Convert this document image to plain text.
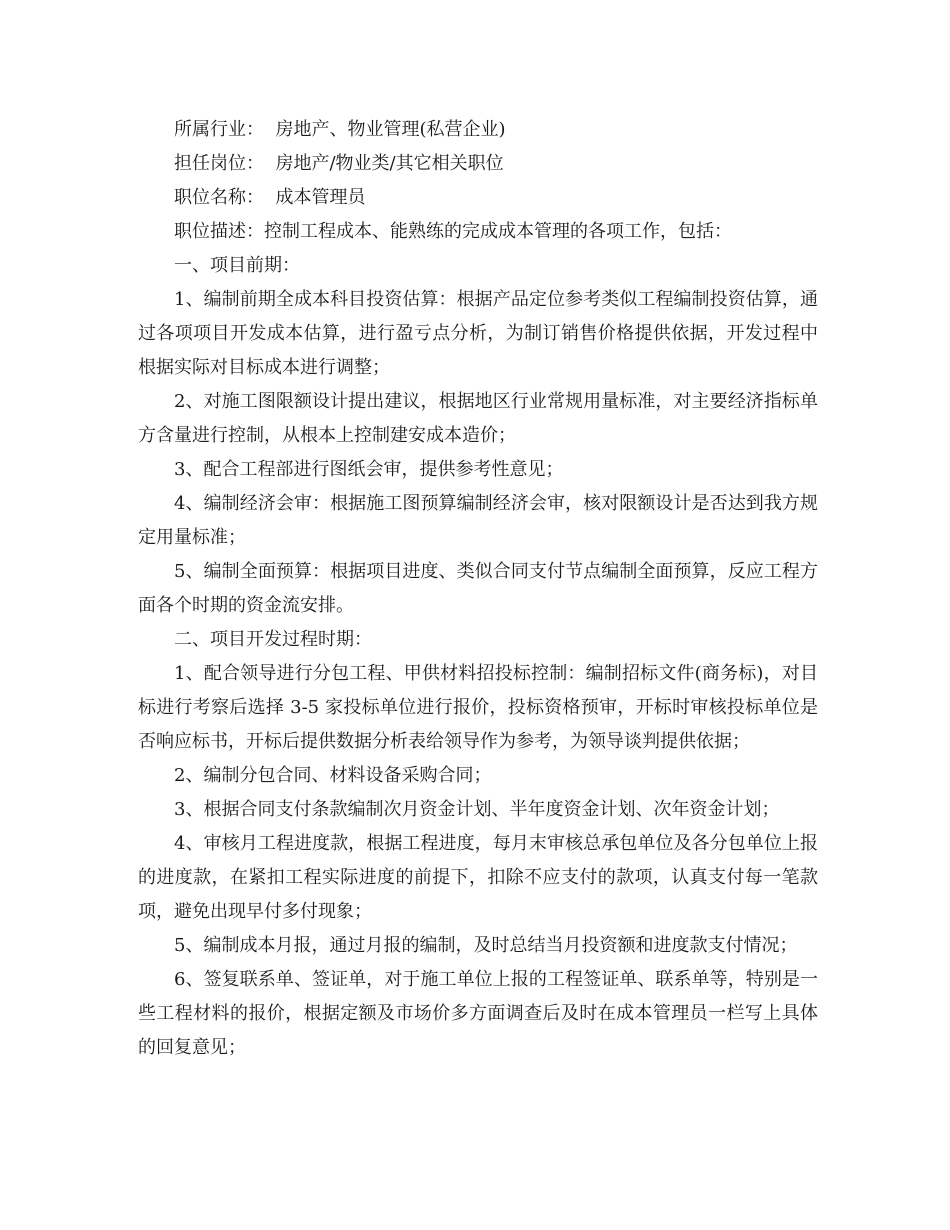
所属行业：  房地产、物业管理(私营企业)

担任岗位：  房地产/物业类/其它相关职位

职位名称：  成本管理员

职位描述：控制工程成本、能熟练的完成成本管理的各项工作，包括：

一、项目前期：

1、编制前期全成本科目投资估算：根据产品定位参考类似工程编制投资估算，通过各项项目开发成本估算，进行盈亏点分析，为制订销售价格提供依据，开发过程中根据实际对目标成本进行调整；

2、对施工图限额设计提出建议，根据地区行业常规用量标准，对主要经济指标单方含量进行控制，从根本上控制建安成本造价；

3、配合工程部进行图纸会审，提供参考性意见；

4、编制经济会审：根据施工图预算编制经济会审，核对限额设计是否达到我方规定用量标准；

5、编制全面预算：根据项目进度、类似合同支付节点编制全面预算，反应工程方面各个时期的资金流安排。

二、项目开发过程时期：

1、配合领导进行分包工程、甲供材料招投标控制：编制招标文件(商务标)，对目标进行考察后选择 3-5 家投标单位进行报价，投标资格预审，开标时审核投标单位是否响应标书，开标后提供数据分析表给领导作为参考，为领导谈判提供依据；

2、编制分包合同、材料设备采购合同；

3、根据合同支付条款编制次月资金计划、半年度资金计划、次年资金计划；

4、审核月工程进度款，根据工程进度，每月末审核总承包单位及各分包单位上报的进度款，在紧扣工程实际进度的前提下，扣除不应支付的款项，认真支付每一笔款项，避免出现早付多付现象；

5、编制成本月报，通过月报的编制，及时总结当月投资额和进度款支付情况；

6、签复联系单、签证单，对于施工单位上报的工程签证单、联系单等，特别是一些工程材料的报价，根据定额及市场价多方面调查后及时在成本管理员一栏写上具体的回复意见；
